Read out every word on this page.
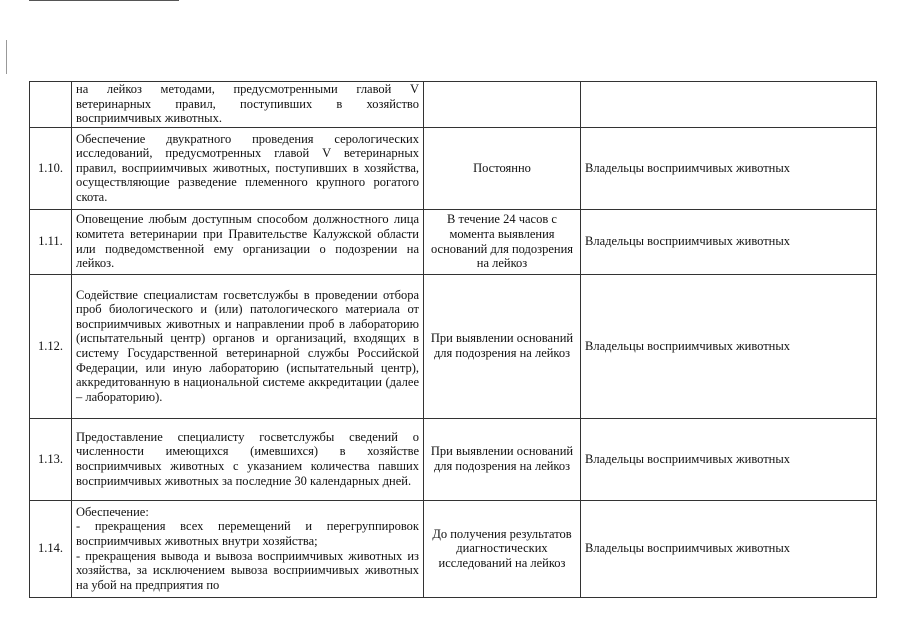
	на лейкоз методами, предусмотренными главой V ветеринарных правил, поступивших в хозяйство восприимчивых животных.		
1.10.	Обеспечение двукратного проведения серологических исследований, предусмотренных главой V ветеринарных правил, восприимчивых животных, поступивших в хозяйства, осуществляющие разведение племенного крупного рогатого скота.	Постоянно	Владельцы восприимчивых животных
1.11.	Оповещение любым доступным способом должностного лица комитета ветеринарии при Правительстве Калужской области или подведомственной ему организации о подозрении на лейкоз.	В течение 24 часов с момента выявления оснований для подозрения на лейкоз	Владельцы восприимчивых животных
1.12.	Содействие специалистам госветслужбы в проведении отбора проб биологического и (или) патологического материала от восприимчивых животных и направлении проб в лабораторию (испытательный центр) органов и организаций, входящих в систему Государственной ветеринарной службы Российской Федерации, или иную лабораторию (испытательный центр), аккредитованную в национальной системе аккредитации (далее – лабораторию).	При выявлении оснований для подозрения на лейкоз	Владельцы восприимчивых животных
1.13.	Предоставление специалисту госветслужбы сведений о численности имеющихся (имевшихся) в хозяйстве восприимчивых животных с указанием количества павших восприимчивых животных за последние 30 календарных дней.	При выявлении оснований для подозрения на лейкоз	Владельцы восприимчивых животных
1.14.	Обеспечение:
- прекращения всех перемещений и перегруппировок восприимчивых животных внутри хозяйства;
- прекращения вывода и вывоза восприимчивых животных из хозяйства, за исключением вывоза восприимчивых животных на убой на предприятия по	До получения результатов диагностических исследований на лейкоз	Владельцы восприимчивых животных
